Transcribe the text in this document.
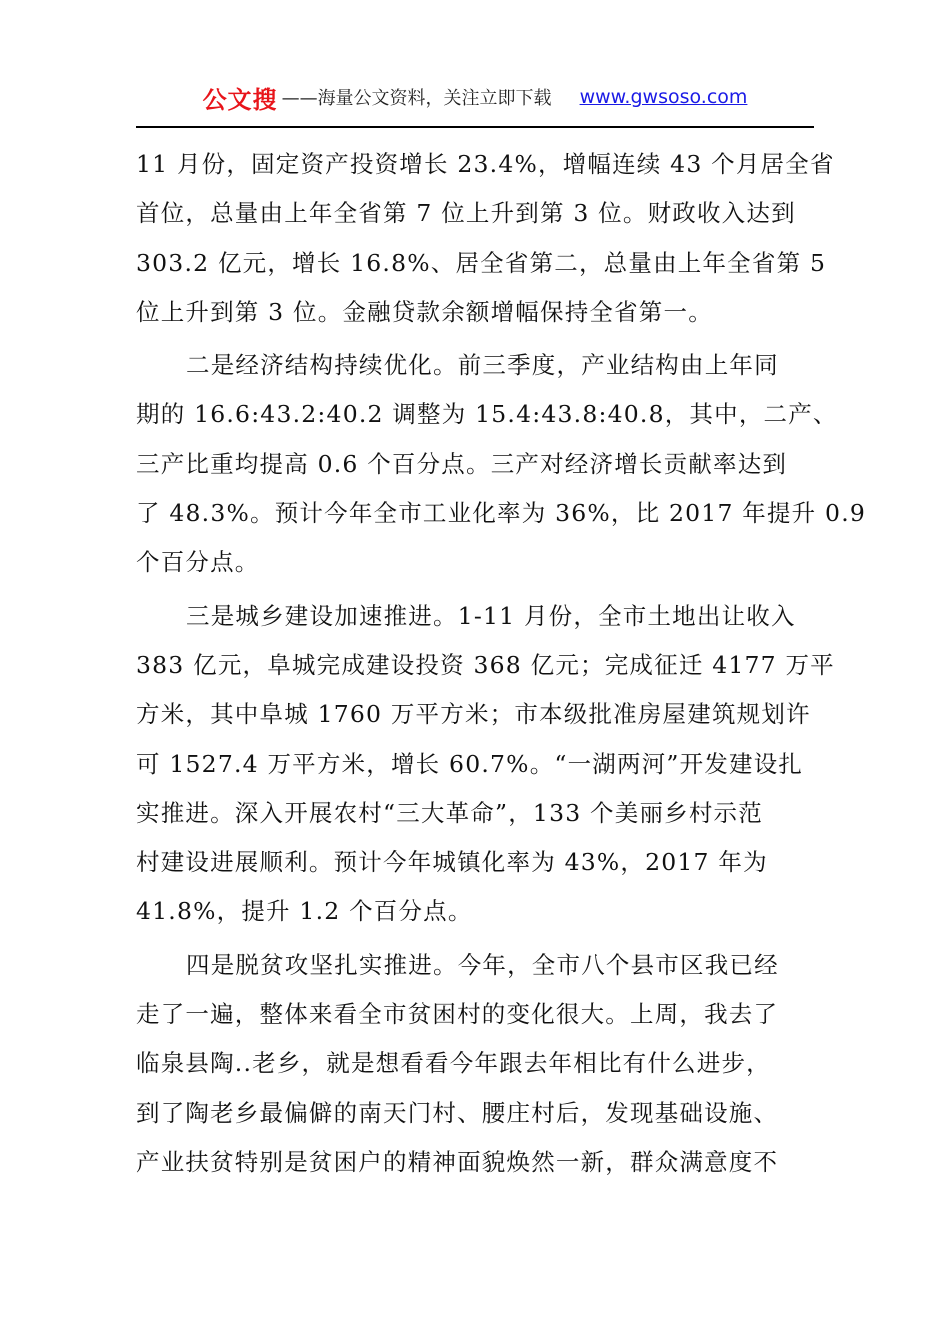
公文搜 ——海量公文资料，关注立即下载 www.gwsoso.com
11 月份，固定资产投资增长 23.4%，增幅连续 43 个月居全省
首位，总量由上年全省第 7 位上升到第 3 位。财政收入达到
303.2 亿元，增长 16.8%、居全省第二，总量由上年全省第 5
位上升到第 3 位。金融贷款余额增幅保持全省第一。
二是经济结构持续优化。前三季度，产业结构由上年同
期的 16.6:43.2:40.2 调整为 15.4:43.8:40.8，其中，二产、
三产比重均提高 0.6 个百分点。三产对经济增长贡献率达到
了 48.3%。预计今年全市工业化率为 36%，比 2017 年提升 0.9
个百分点。
三是城乡建设加速推进。1-11 月份，全市土地出让收入
383 亿元，阜城完成建设投资 368 亿元；完成征迁 4177 万平
方米，其中阜城 1760 万平方米；市本级批准房屋建筑规划许
可 1527.4 万平方米，增长 60.7%。“一湖两河”开发建设扎
实推进。深入开展农村“三大革命”，133 个美丽乡村示范
村建设进展顺利。预计今年城镇化率为 43%，2017 年为
41.8%，提升 1.2 个百分点。
四是脱贫攻坚扎实推进。今年，全市八个县市区我已经
走了一遍，整体来看全市贫困村的变化很大。上周，我去了
临泉县陶..老乡，就是想看看今年跟去年相比有什么进步，
到了陶老乡最偏僻的南天门村、腰庄村后，发现基础设施、
产业扶贫特别是贫困户的精神面貌焕然一新，群众满意度不
